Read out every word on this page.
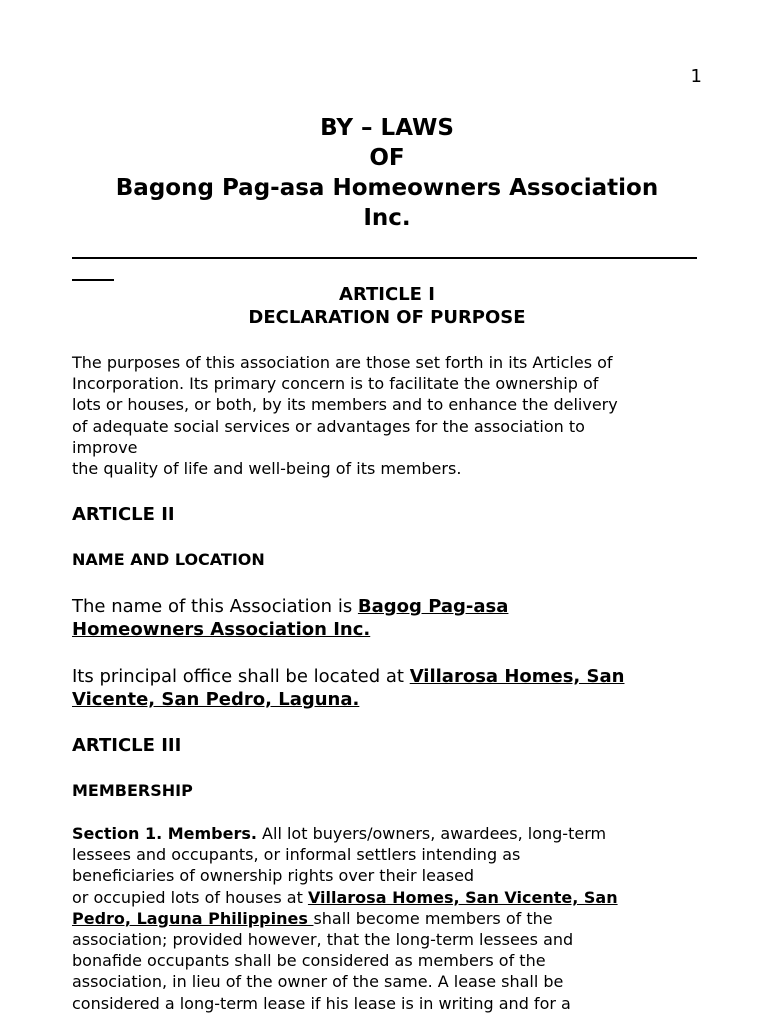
1
BY – LAWS
OF
Bagong Pag-asa Homeowners Association
Inc.
ARTICLE I
DECLARATION OF PURPOSE
The purposes of this association are those set forth in its Articles of
Incorporation. Its primary concern is to facilitate the ownership of
lots or houses, or both, by its members and to enhance the delivery
of adequate social services or advantages for the association to
improve
the quality of life and well-being of its members.
ARTICLE II
NAME AND LOCATION
The name of this Association is Bagog Pag-asa
Homeowners Association Inc.
Its principal office shall be located at Villarosa Homes, San
Vicente, San Pedro, Laguna.
ARTICLE III
MEMBERSHIP
Section 1. Members. All lot buyers/owners, awardees, long-term
lessees and occupants, or informal settlers intending as
beneficiaries of ownership rights over their leased
or occupied lots of houses at Villarosa Homes, San Vicente, San
Pedro, Laguna Philippines shall become members of the
association; provided however, that the long-term lessees and
bonafide occupants shall be considered as members of the
association, in lieu of the owner of the same. A lease shall be
considered a long-term lease if his lease is in writing and for a
